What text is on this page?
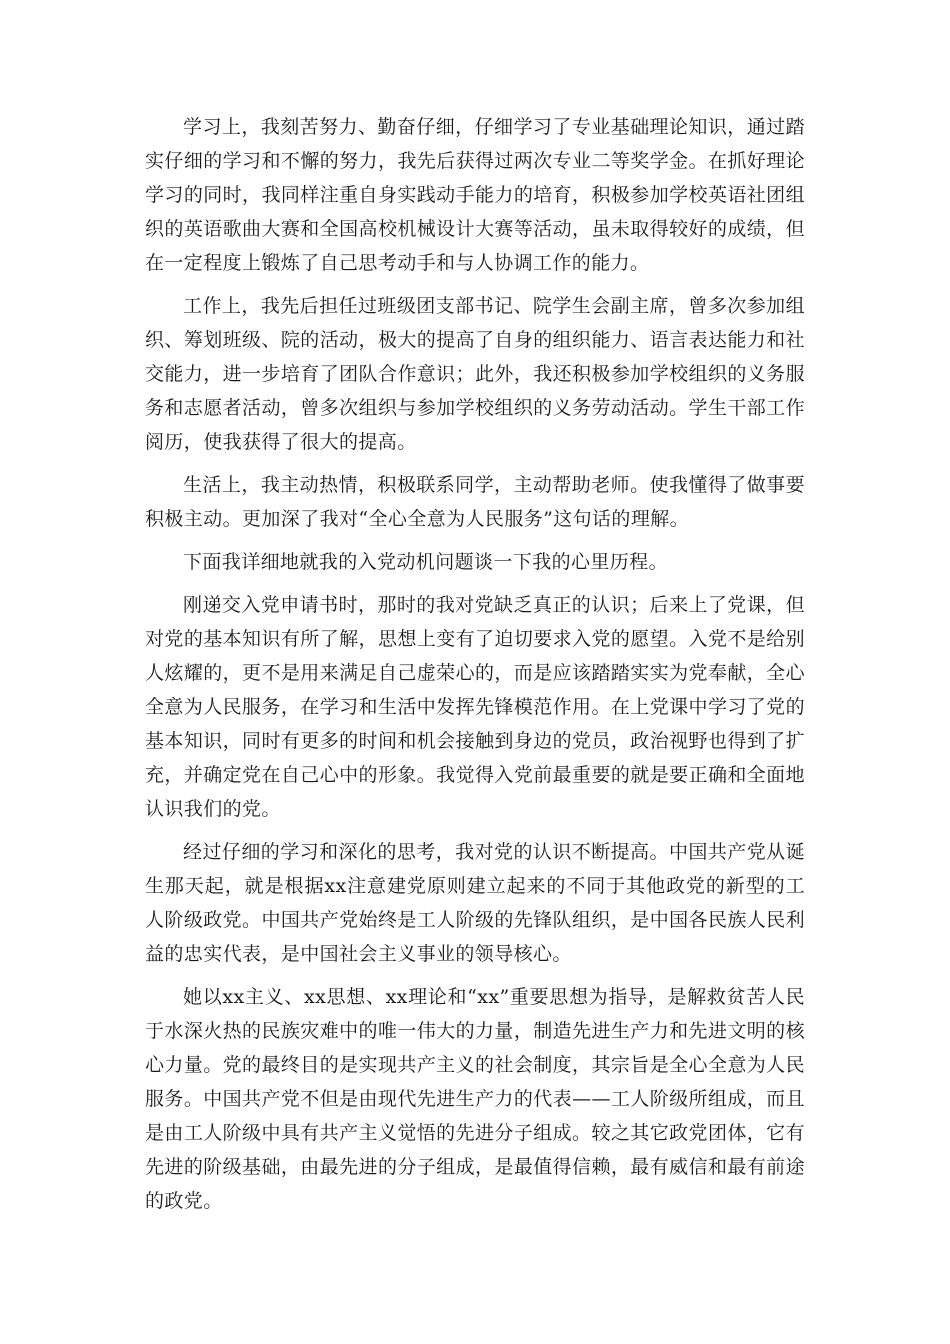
学习上，我刻苦努力、勤奋仔细，仔细学习了专业基础理论知识，通过踏实仔细的学习和不懈的努力，我先后获得过两次专业二等奖学金。在抓好理论学习的同时，我同样注重自身实践动手能力的培育，积极参加学校英语社团组织的英语歌曲大赛和全国高校机械设计大赛等活动，虽未取得较好的成绩，但在一定程度上锻炼了自己思考动手和与人协调工作的能力。

工作上，我先后担任过班级团支部书记、院学生会副主席，曾多次参加组织、筹划班级、院的活动，极大的提高了自身的组织能力、语言表达能力和社交能力，进一步培育了团队合作意识；此外，我还积极参加学校组织的义务服务和志愿者活动，曾多次组织与参加学校组织的义务劳动活动。学生干部工作阅历，使我获得了很大的提高。

生活上，我主动热情，积极联系同学，主动帮助老师。使我懂得了做事要积极主动。更加深了我对“全心全意为人民服务”这句话的理解。

下面我详细地就我的入党动机问题谈一下我的心里历程。

刚递交入党申请书时，那时的我对党缺乏真正的认识；后来上了党课，但对党的基本知识有所了解，思想上变有了迫切要求入党的愿望。入党不是给别人炫耀的，更不是用来满足自己虚荣心的，而是应该踏踏实实为党奉献，全心全意为人民服务，在学习和生活中发挥先锋模范作用。在上党课中学习了党的基本知识，同时有更多的时间和机会接触到身边的党员，政治视野也得到了扩充，并确定党在自己心中的形象。我觉得入党前最重要的就是要正确和全面地认识我们的党。

经过仔细的学习和深化的思考，我对党的认识不断提高。中国共产党从诞生那天起，就是根据xx注意建党原则建立起来的不同于其他政党的新型的工人阶级政党。中国共产党始终是工人阶级的先锋队组织，是中国各民族人民利益的忠实代表，是中国社会主义事业的领导核心。

她以xx主义、xx思想、xx理论和“xx”重要思想为指导，是解救贫苦人民于水深火热的民族灾难中的唯一伟大的力量，制造先进生产力和先进文明的核心力量。党的最终目的是实现共产主义的社会制度，其宗旨是全心全意为人民服务。中国共产党不但是由现代先进生产力的代表——工人阶级所组成，而且是由工人阶级中具有共产主义觉悟的先进分子组成。较之其它政党团体，它有先进的阶级基础，由最先进的分子组成，是最值得信赖，最有威信和最有前途的政党。
